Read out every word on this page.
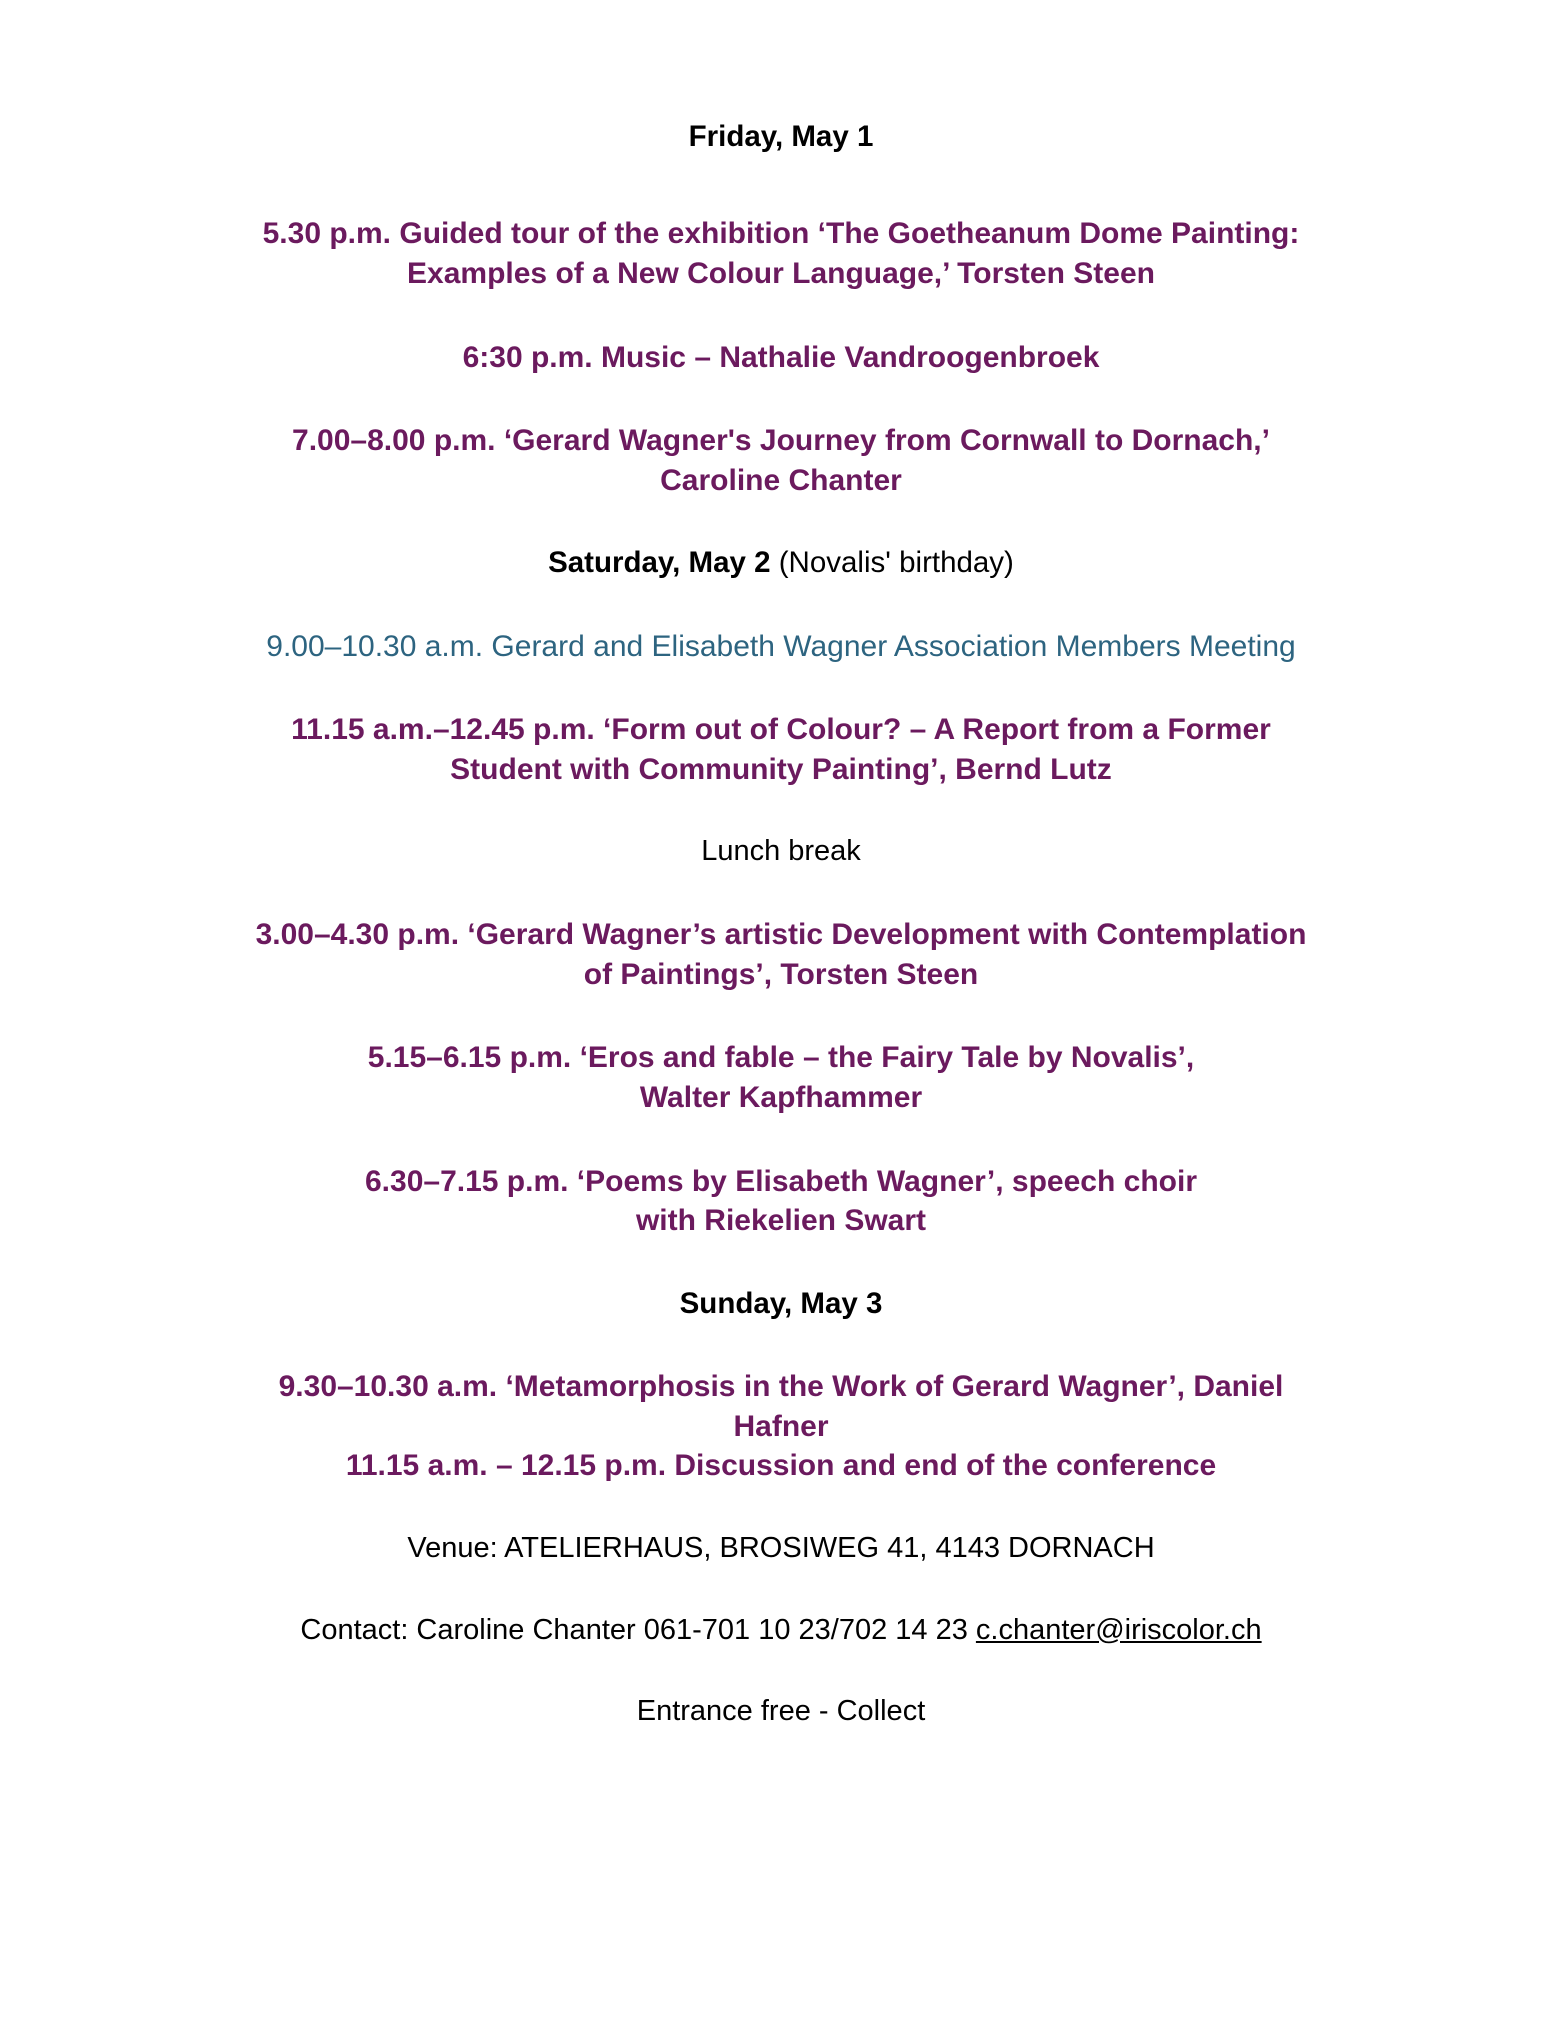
Friday, May 1
5.30 p.m. Guided tour of the exhibition ‘The Goetheanum Dome Painting:
Examples of a New Colour Language,’ Torsten Steen
6:30 p.m. Music – Nathalie Vandroogenbroek
7.00–8.00 p.m. ‘Gerard Wagner's Journey from Cornwall to Dornach,’
Caroline Chanter
Saturday, May 2 (Novalis' birthday)
9.00–10.30 a.m. Gerard and Elisabeth Wagner Association Members Meeting
11.15 a.m.–12.45 p.m. ‘Form out of Colour? – A Report from a Former
Student with Community Painting’, Bernd Lutz
Lunch break
3.00–4.30 p.m. ‘Gerard Wagner’s artistic Development with Contemplation
of Paintings’, Torsten Steen
5.15–6.15 p.m. ‘Eros and fable – the Fairy Tale by Novalis’,
Walter Kapfhammer
6.30–7.15 p.m. ‘Poems by Elisabeth Wagner’, speech choir
with Riekelien Swart
Sunday, May 3
9.30–10.30 a.m. ‘Metamorphosis in the Work of Gerard Wagner’, Daniel
Hafner
11.15 a.m. – 12.15 p.m. Discussion and end of the conference
Venue: ATELIERHAUS, BROSIWEG 41, 4143 DORNACH
Contact: Caroline Chanter 061-701 10 23/702 14 23 c.chanter@iriscolor.ch
Entrance free - Collect
